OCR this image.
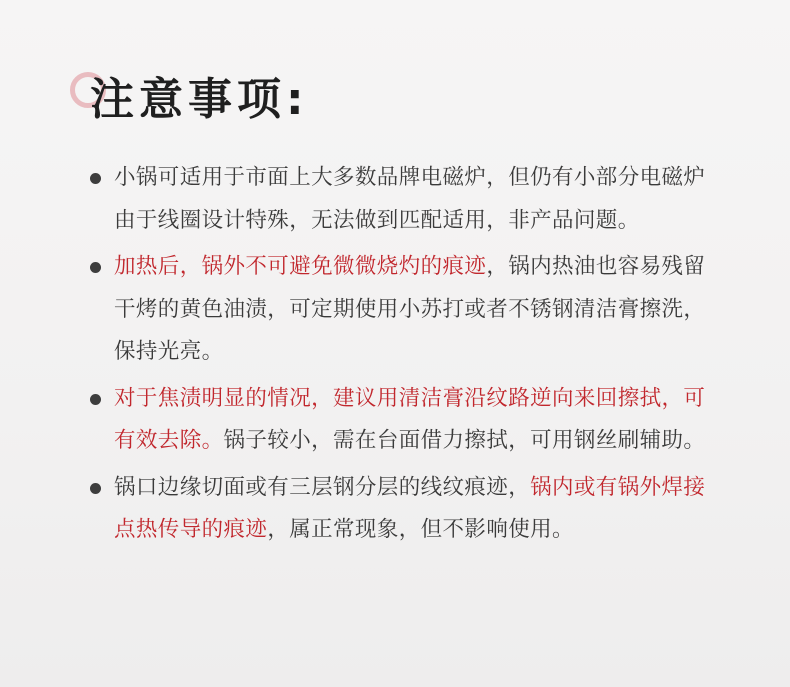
注意事项:
小锅可适用于市面上大多数品牌电磁炉，但仍有小部分电磁炉由于线圈设计特殊，无法做到匹配适用，非产品问题。
加热后，锅外不可避免微微烧灼的痕迹，锅内热油也容易残留干烤的黄色油渍，可定期使用小苏打或者不锈钢清洁膏擦洗，保持光亮。
对于焦渍明显的情况，建议用清洁膏沿纹路逆向来回擦拭，可有效去除。锅子较小，需在台面借力擦拭，可用钢丝刷辅助。
锅口边缘切面或有三层钢分层的线纹痕迹，锅内或有锅外焊接点热传导的痕迹，属正常现象，但不影响使用。
